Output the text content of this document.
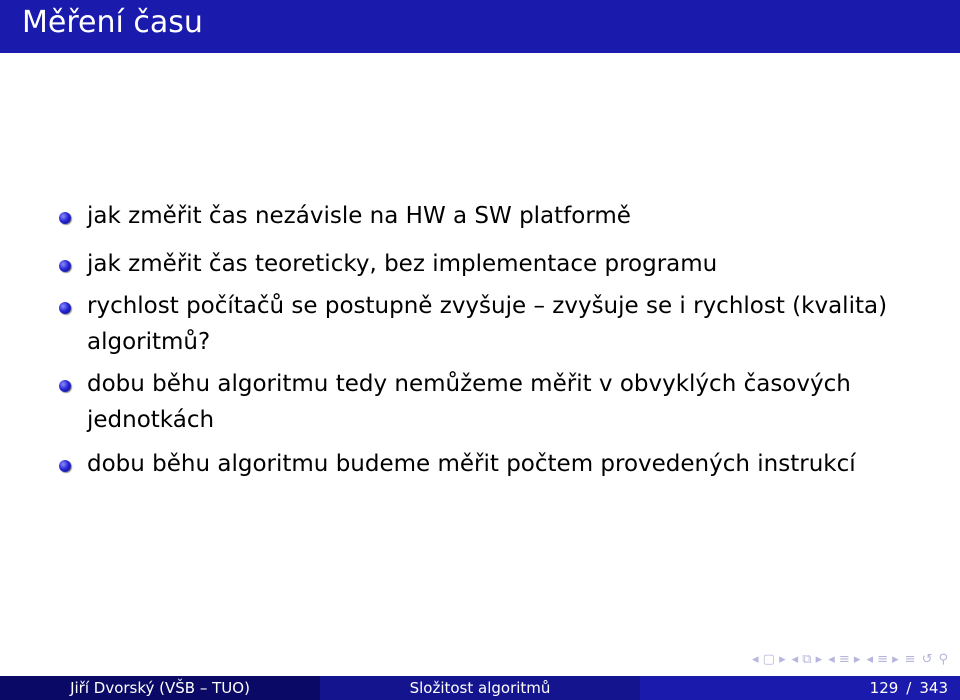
Měření času
jak změřit čas nezávisle na HW a SW platformě
jak změřit čas teoreticky, bez implementace programu
rychlost počítačů se postupně zvyšuje – zvyšuje se i rychlost (kvalita) algoritmů?
dobu běhu algoritmu tedy nemůžeme měřit v obvyklých časových jednotkách
dobu běhu algoritmu budeme měřit počtem provedených instrukcí
◂ ▢ ▸ ◂ ⧉ ▸ ◂ ≡ ▸ ◂ ≡ ▸ ≡ ↺ ⚲
Jiří Dvorský (VŠB – TUO)	Složitost algoritmů	129 / 343
